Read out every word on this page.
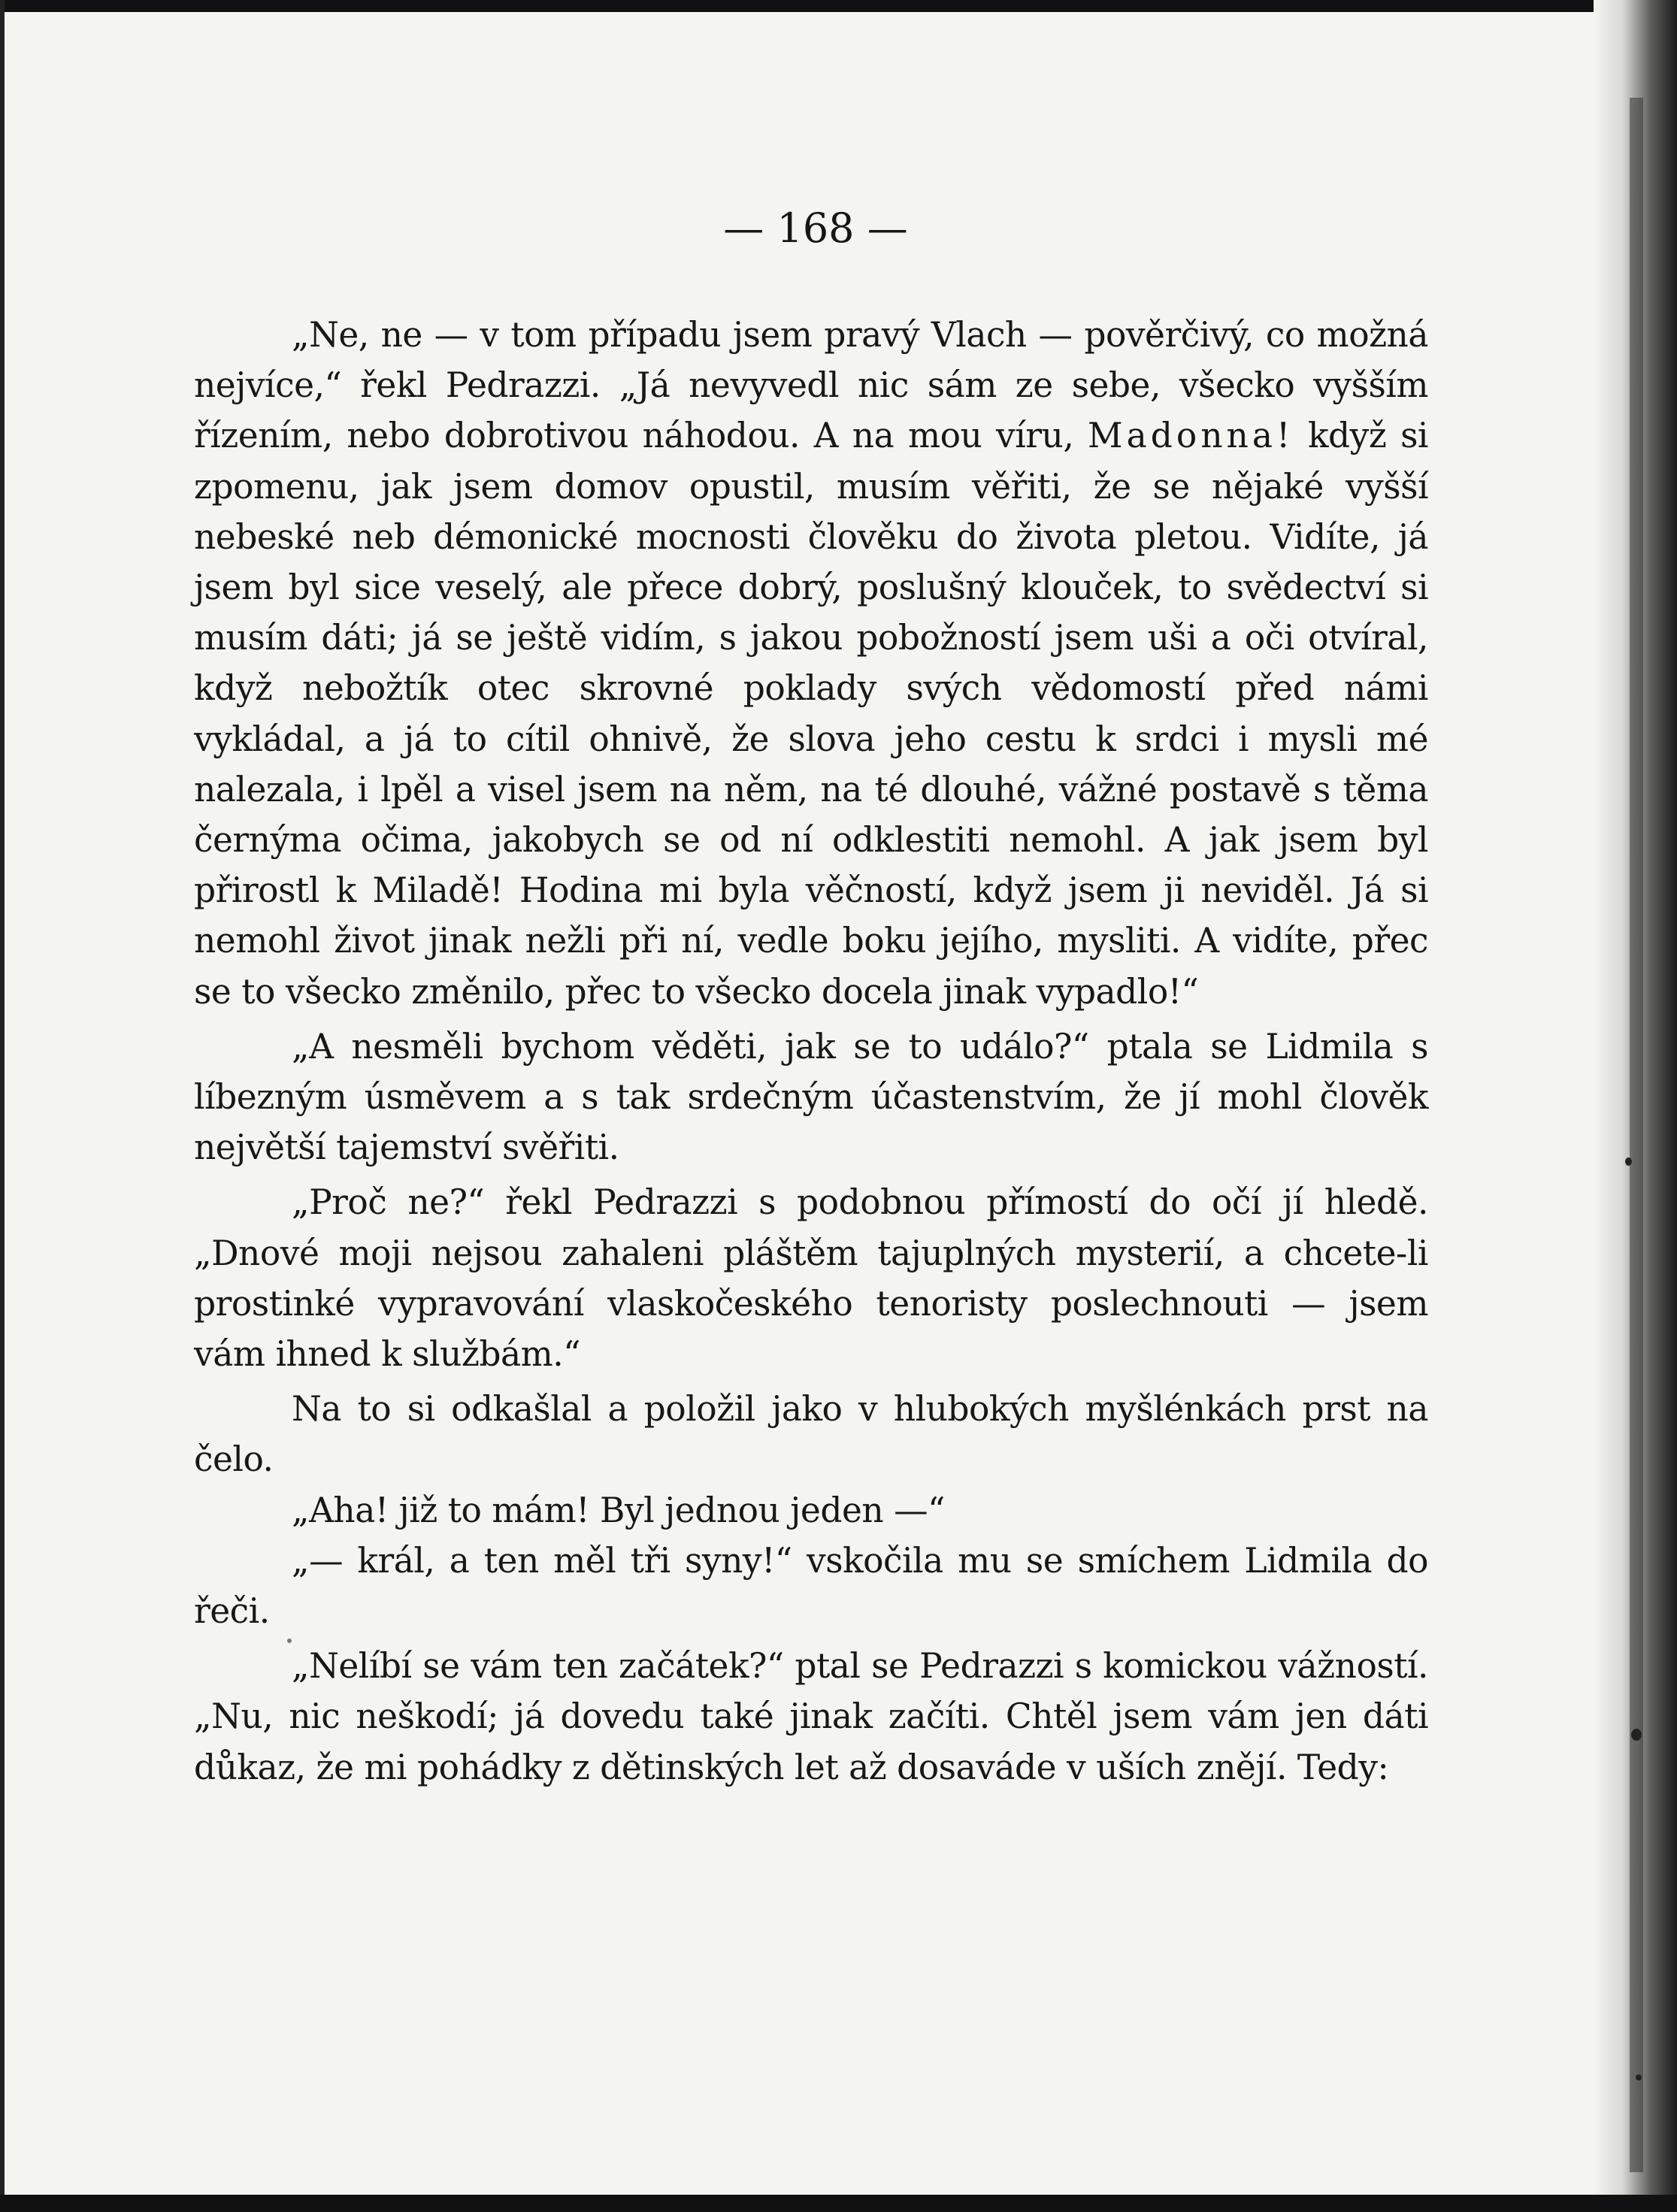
— 168 —

„Ne, ne — v tom případu jsem pravý Vlach — pověrčivý, co možná nejvíce,“ řekl Pedrazzi. „Já nevyvedl nic sám ze sebe, všecko vyšším řízením, nebo dobrotivou náhodou. A na mou víru, Madonna! když si zpomenu, jak jsem domov opustil, musím věřiti, že se nějaké vyšší nebeské neb démonické mocnosti člověku do života pletou. Vidíte, já jsem byl sice veselý, ale přece dobrý, poslušný klouček, to svědectví si musím dáti; já se ještě vidím, s jakou pobožností jsem uši a oči otvíral, když nebožtík otec skrovné poklady svých vědomostí před námi vykládal, a já to cítil ohnivě, že slova jeho cestu k srdci i mysli mé nalezala, i lpěl a visel jsem na něm, na té dlouhé, vážné postavě s těma černýma očima, jakobych se od ní odklestiti nemohl. A jak jsem byl přirostl k Miladě! Hodina mi byla věčností, když jsem ji neviděl. Já si nemohl život jinak nežli při ní, vedle boku jejího, mysliti. A vidíte, přec se to všecko změnilo, přec to všecko docela jinak vypadlo!“

„A nesměli bychom věděti, jak se to událo?“ ptala se Lidmila s líbezným úsměvem a s tak srdečným účastenstvím, že jí mohl člověk největší tajemství svěřiti.

„Proč ne?“ řekl Pedrazzi s podobnou přímostí do očí jí hledě. „Dnové moji nejsou zahaleni pláštěm tajuplných mysterií, a chcete-li prostinké vypravování vlaskočeského tenoristy poslechnouti — jsem vám ihned k službám.“

Na to si odkašlal a položil jako v hlubokých myšlénkách prst na čelo.

„Aha! již to mám! Byl jednou jeden —“

„— král, a ten měl tři syny!“ vskočila mu se smíchem Lidmila do řeči.

„Nelíbí se vám ten začátek?“ ptal se Pedrazzi s komickou vážností. „Nu, nic neškodí; já dovedu také jinak začíti. Chtěl jsem vám jen dáti důkaz, že mi pohádky z dětinských let až dosaváde v uších znějí. Tedy:
